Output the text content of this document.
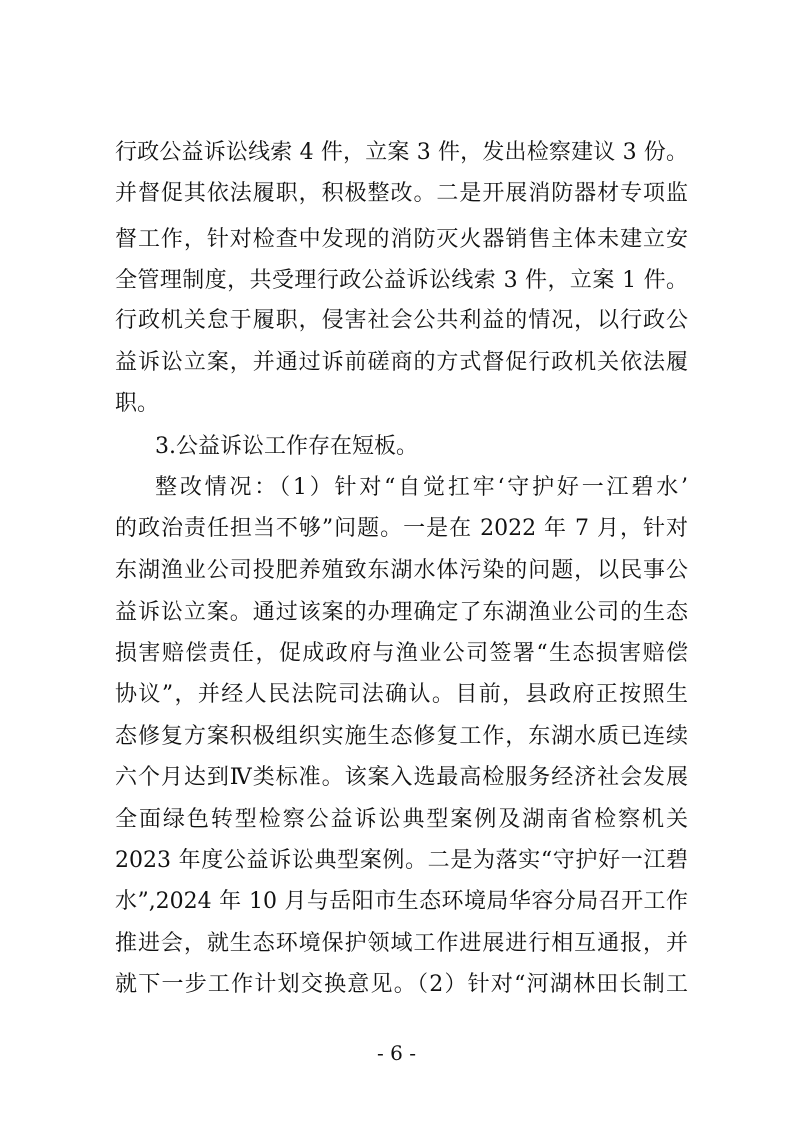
行政公益诉讼线索 4 件，立案 3 件，发出检察建议 3 份。
并督促其依法履职，积极整改。二是开展消防器材专项监
督工作，针对检查中发现的消防灭火器销售主体未建立安
全管理制度，共受理行政公益诉讼线索 3 件，立案 1 件。
行政机关怠于履职，侵害社会公共利益的情况，以行政公
益诉讼立案，并通过诉前磋商的方式督促行政机关依法履
职。
3.公益诉讼工作存在短板。
整改情况：（1）针对“自觉扛牢‘守护好一江碧水’
的政治责任担当不够”问题。一是在 2022 年 7 月，针对
东湖渔业公司投肥养殖致东湖水体污染的问题，以民事公
益诉讼立案。通过该案的办理确定了东湖渔业公司的生态
损害赔偿责任，促成政府与渔业公司签署“生态损害赔偿
协议”，并经人民法院司法确认。目前，县政府正按照生
态修复方案积极组织实施生态修复工作，东湖水质已连续
六个月达到Ⅳ类标准。该案入选最高检服务经济社会发展
全面绿色转型检察公益诉讼典型案例及湖南省检察机关
2023 年度公益诉讼典型案例。二是为落实“守护好一江碧
水”,2024 年 10 月与岳阳市生态环境局华容分局召开工作
推进会，就生态环境保护领域工作进展进行相互通报，并
就下一步工作计划交换意见。（2）针对“河湖林田长制工
- 6 -
